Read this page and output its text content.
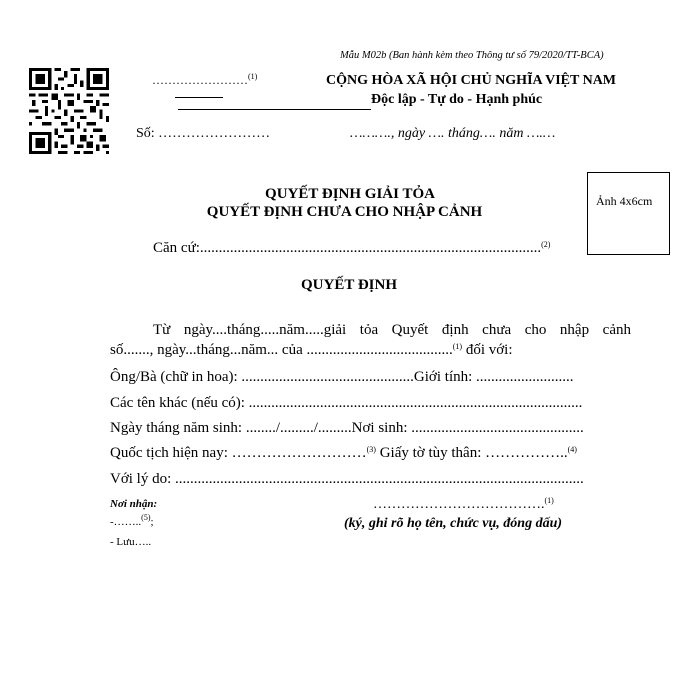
Mẫu M02b (Ban hành kèm theo Thông tư số 79/2020/TT-BCA)
……………………$^{(1)}$	CỘNG HÒA XÃ HỘI CHỦ NGHĨA VIỆT NAM
Độc lập - Tự do - Hạnh phúc
Số: ……………………	………., ngày …. tháng…. năm ….…
Ảnh 4x6cm
QUYẾT ĐỊNH GIẢI TỎA
QUYẾT ĐỊNH CHƯA CHO NHẬP CẢNH
Căn cứ:...........................................................................................$^{(2)}$
QUYẾT ĐỊNH
Từ ngày....tháng.....năm.....giải tỏa Quyết định chưa cho nhập cảnh
số......., ngày...tháng...năm... của .......................................$^{(1)}$ đối với:
Ông/Bà (chữ in hoa): ..............................................Giới tính: ..........................
Các tên khác (nếu có): .........................................................................................
Ngày tháng năm sinh: ......../........./.........Nơi sinh: ..............................................
Quốc tịch hiện nay: ………………………$^{(3)}$ Giấy tờ tùy thân: ……………..$^{(4)}$
Với lý do: .............................................................................................................
Nơi nhận:
-……..$^{(5)}$;
- Lưu…..
……………………………….$^{(1)}$
(ký, ghi rõ họ tên, chức vụ, đóng dấu)
